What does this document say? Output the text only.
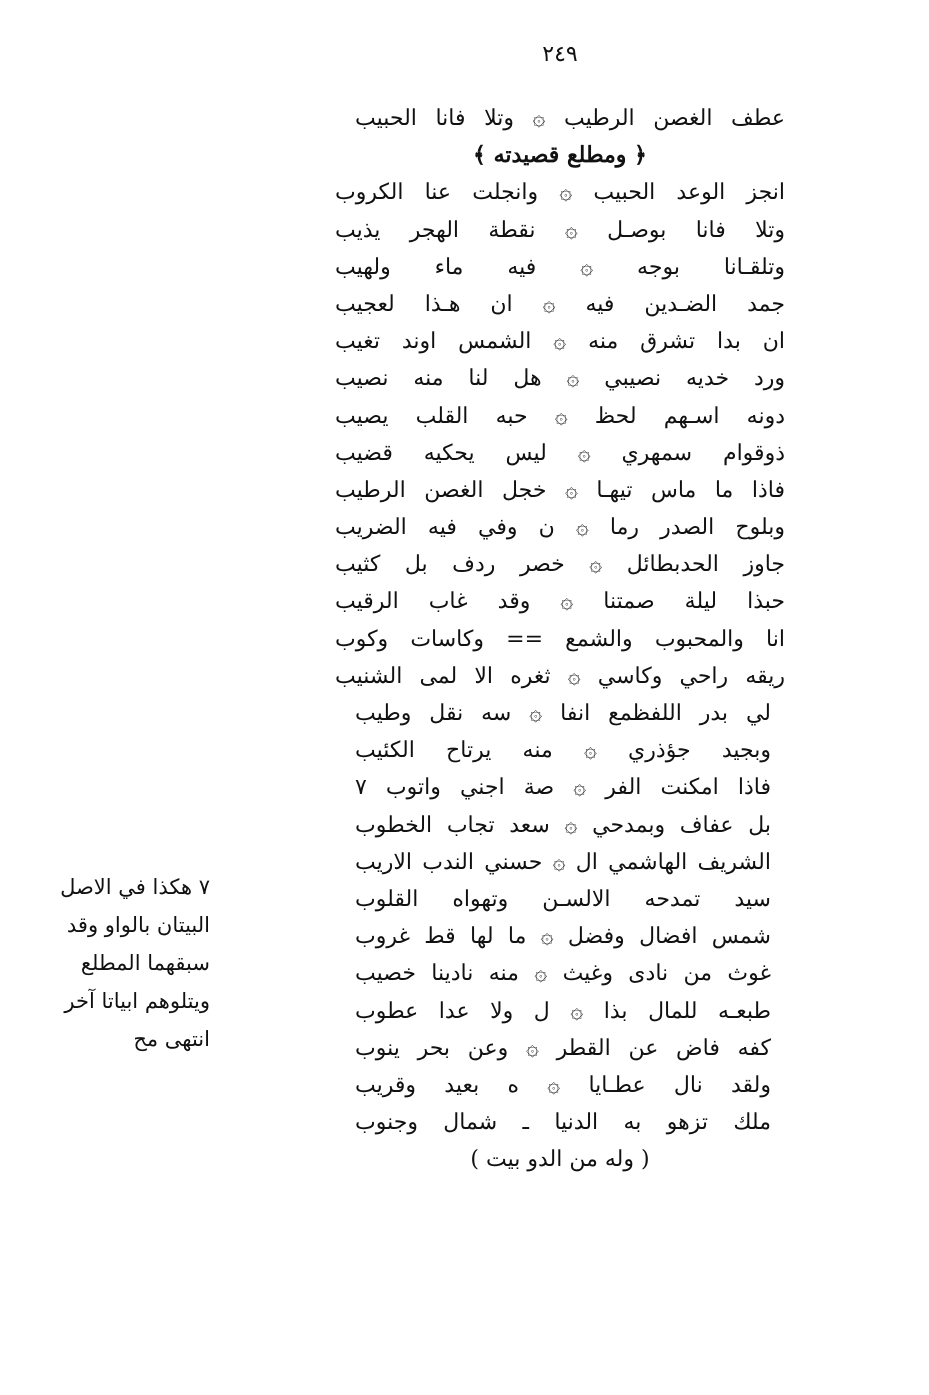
٢٤٩
عطف الغصن الرطيب ۞ وتلا فانا الحبيب
﴿ ومطلع قصيدته ﴾
انجز الوعد الحبيب ۞ وانجلت عنا الكروب
وتلا فانا بوصـل ۞ نقطة الهجر يذيب
وتلقـانا بوجه ۞ فيه ماء ولهيب
جمد الضـدين فيه ۞ ان هـذا لعجيب
ان بدا تشرق منه ۞ الشمس اوند تغيب
ورد خديه نصيبي ۞ هل لنا منه نصيب
دونه اسـهم لحظ ۞ حبه القلب يصيب
ذوقوام سمهري ۞ ليس يحكيه قضيب
فاذا ما ماس تيهـا ۞ خجل الغصن الرطيب
وبلوح الصدر رما ۞ ن وفي فيه الضريب
جاوز الحدبطائل ۞ خصر ردف بل كثيب
حبذا ليلة صمتنا ۞ وقد غاب الرقيب
انا والمحبوب والشمع == وكاسات وكوب
ريقه راحي وكاسي ۞ ثغره الا لمى الشنيب
لي بدر اللفظمع انفا ۞ سه نقل وطيب
وبجيد جؤذري ۞ منه يرتاح الكئيب
فاذا امكنت الفر ۞ صة اجني واتوب ٧
بل عفاف وبمدحي ۞ سعد تجاب الخطوب
الشريف الهاشمي ال ۞ حسني الندب الاريب
سيد تمدحه الالسـن وتهواه القلوب
شمس افضال وفضل ۞ ما لها قط غروب
غوث من نادى وغيث ۞ منه نادينا خصيب
طبعـه للمال بذا ۞ ل ولا عدا عطوب
كفه فاض عن القطر ۞ وعن بحر ينوب
ولقد نال عطـايا ۞ ه بعيد وقريب
ملك تزهو به الدنيا ـ شمال وجنوب
( وله من الدو بيت )
٧ هكذا في الاصل
البيتان بالواو وقد
سبقهما المطلع
ويتلوهم ابياتا آخر
انتهى مح
